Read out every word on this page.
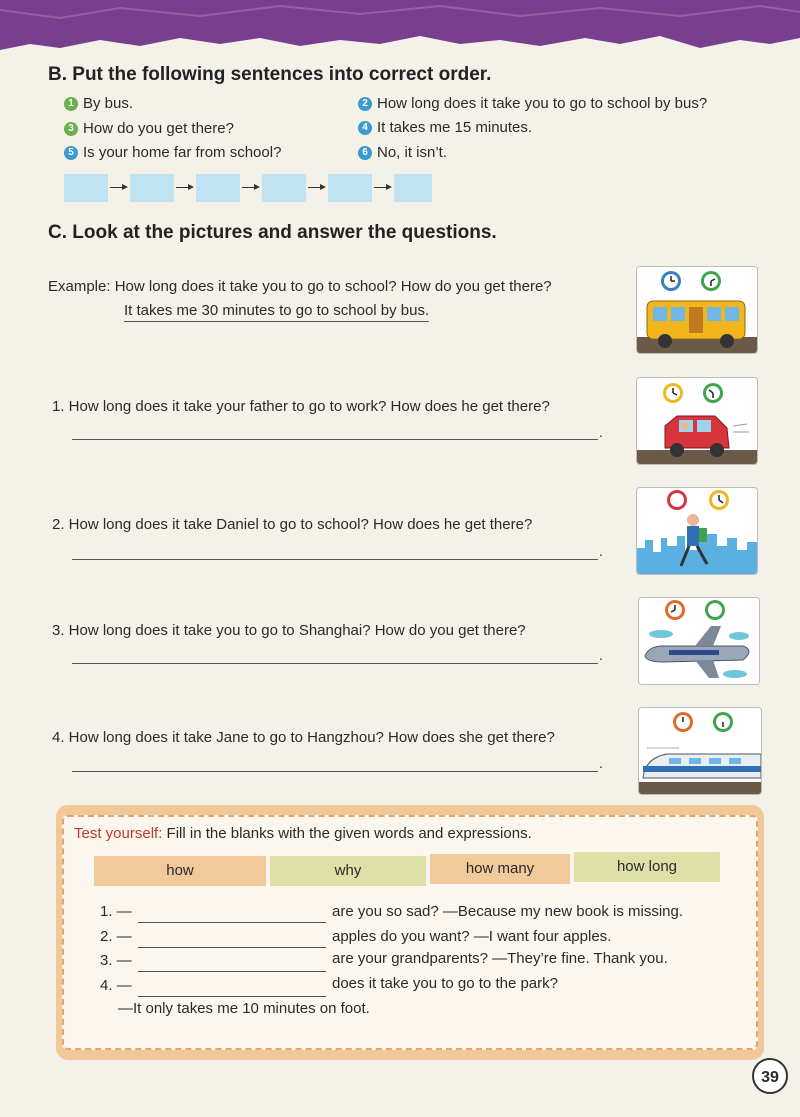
B. Put the following sentences into correct order.
1 By bus.	2 How long does it take you to go to school by bus?
3 How do you get there?	4 It takes me 15 minutes.
5 Is your home far from school?	6 No, it isn’t.
C. Look at the pictures and answer the questions.
Example: How long does it take you to go to school? How do you get there?
It takes me 30 minutes to go to school by bus.
1. How long does it take your father to go to work? How does he get there?
.
2. How long does it take Daniel to go to school? How does he get there?
.
3. How long does it take you to go to Shanghai? How do you get there?
.
4. How long does it take Jane to go to Hangzhou? How does she get there?
.
Test yourself: Fill in the blanks with the given words and expressions.
how	why	how many	how long
1. —	are you so sad? —Because my new book is missing.
2. —	apples do you want? —I want four apples.
3. —	are your grandparents? —They’re fine. Thank you.
4. —	does it take you to go to the park?
—It only takes me 10 minutes on foot.
39
